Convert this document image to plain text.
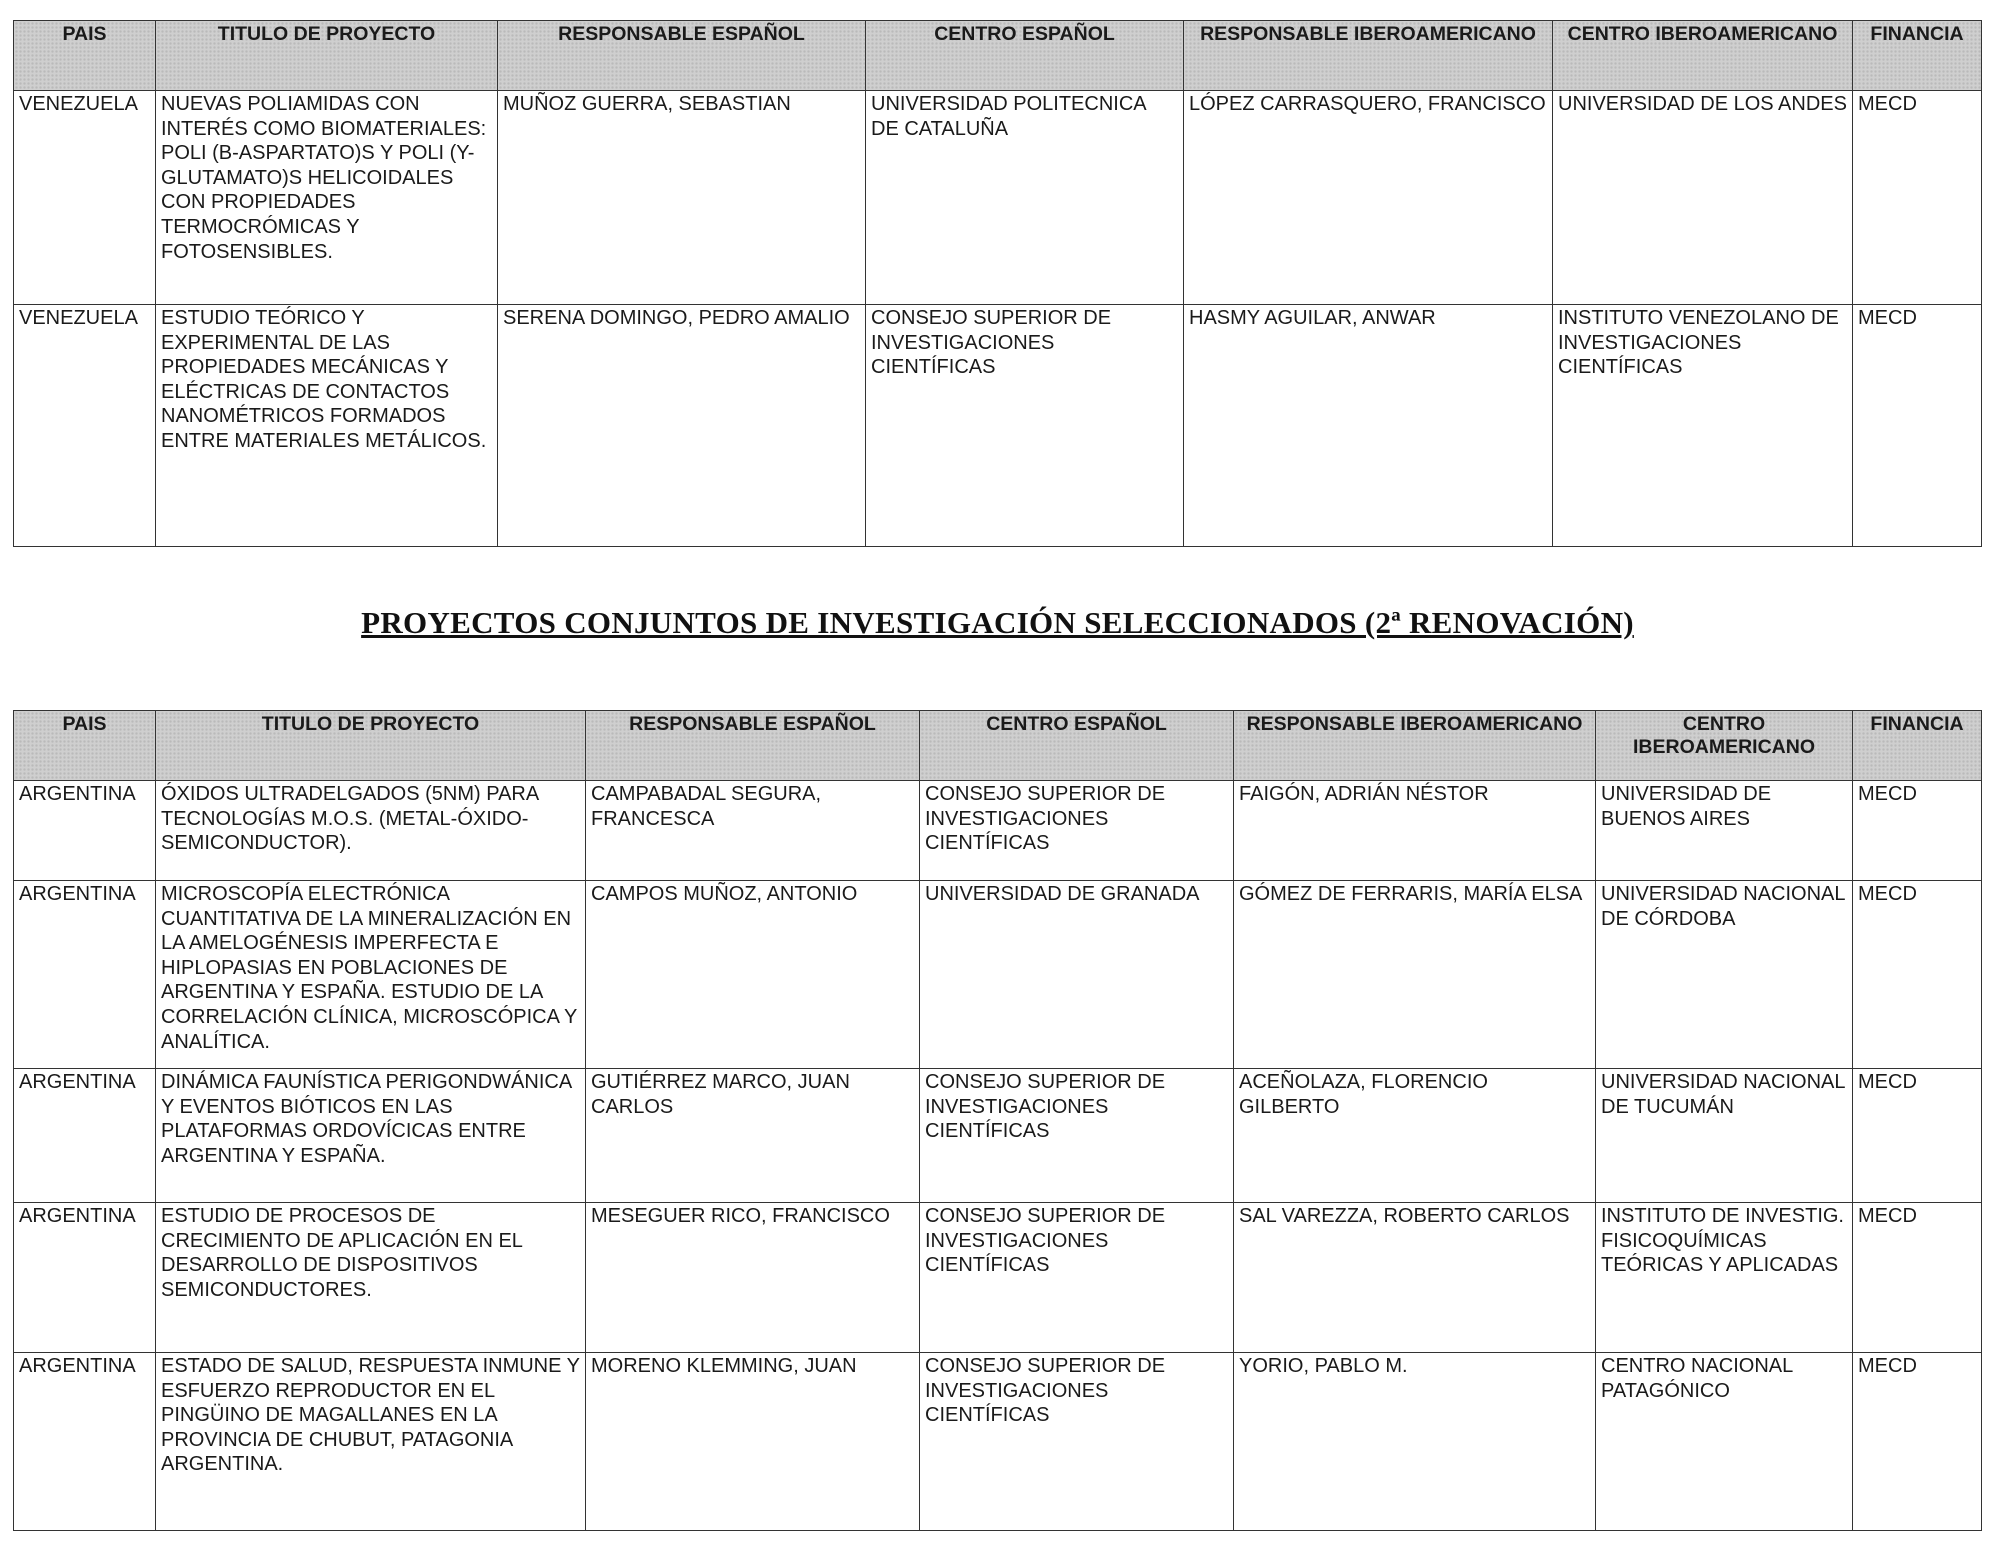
PAIS	TITULO DE PROYECTO	RESPONSABLE ESPAÑOL	CENTRO ESPAÑOL	RESPONSABLE IBEROAMERICANO	CENTRO IBEROAMERICANO	FINANCIA
VENEZUELA	NUEVAS POLIAMIDAS CON INTERÉS COMO BIOMATERIALES: POLI (B-ASPARTATO)S Y POLI (Y-GLUTAMATO)S HELICOIDALES CON PROPIEDADES TERMOCRÓMICAS Y FOTOSENSIBLES.	MUÑOZ GUERRA, SEBASTIAN	UNIVERSIDAD POLITECNICA DE CATALUÑA	LÓPEZ CARRASQUERO, FRANCISCO	UNIVERSIDAD DE LOS ANDES	MECD
VENEZUELA	ESTUDIO TEÓRICO Y EXPERIMENTAL DE LAS PROPIEDADES MECÁNICAS Y ELÉCTRICAS DE CONTACTOS NANOMÉTRICOS FORMADOS ENTRE MATERIALES METÁLICOS.	SERENA DOMINGO, PEDRO AMALIO	CONSEJO SUPERIOR DE INVESTIGACIONES CIENTÍFICAS	HASMY AGUILAR, ANWAR	INSTITUTO VENEZOLANO DE INVESTIGACIONES CIENTÍFICAS	MECD
PROYECTOS CONJUNTOS DE INVESTIGACIÓN SELECCIONADOS (2ª RENOVACIÓN)
PAIS	TITULO DE PROYECTO	RESPONSABLE ESPAÑOL	CENTRO ESPAÑOL	RESPONSABLE IBEROAMERICANO	CENTRO IBEROAMERICANO	FINANCIA
ARGENTINA	ÓXIDOS ULTRADELGADOS (5NM) PARA TECNOLOGÍAS M.O.S. (METAL-ÓXIDO-SEMICONDUCTOR).	CAMPABADAL SEGURA, FRANCESCA	CONSEJO SUPERIOR DE INVESTIGACIONES CIENTÍFICAS	FAIGÓN, ADRIÁN NÉSTOR	UNIVERSIDAD DE BUENOS AIRES	MECD
ARGENTINA	MICROSCOPÍA ELECTRÓNICA CUANTITATIVA DE LA MINERALIZACIÓN EN LA AMELOGÉNESIS IMPERFECTA E HIPLOPASIAS EN POBLACIONES DE ARGENTINA Y ESPAÑA. ESTUDIO DE LA CORRELACIÓN CLÍNICA, MICROSCÓPICA Y ANALÍTICA.	CAMPOS MUÑOZ, ANTONIO	UNIVERSIDAD DE GRANADA	GÓMEZ DE FERRARIS, MARÍA ELSA	UNIVERSIDAD NACIONAL DE CÓRDOBA	MECD
ARGENTINA	DINÁMICA FAUNÍSTICA PERIGONDWÁNICA Y EVENTOS BIÓTICOS EN LAS PLATAFORMAS ORDOVÍCICAS ENTRE ARGENTINA Y ESPAÑA.	GUTIÉRREZ MARCO, JUAN CARLOS	CONSEJO SUPERIOR DE INVESTIGACIONES CIENTÍFICAS	ACEÑOLAZA, FLORENCIO GILBERTO	UNIVERSIDAD NACIONAL DE TUCUMÁN	MECD
ARGENTINA	ESTUDIO DE PROCESOS DE CRECIMIENTO DE APLICACIÓN EN EL DESARROLLO DE DISPOSITIVOS SEMICONDUCTORES.	MESEGUER RICO, FRANCISCO	CONSEJO SUPERIOR DE INVESTIGACIONES CIENTÍFICAS	SAL VAREZZA, ROBERTO CARLOS	INSTITUTO DE INVESTIG. FISICOQUÍMICAS TEÓRICAS Y APLICADAS	MECD
ARGENTINA	ESTADO DE SALUD, RESPUESTA INMUNE Y ESFUERZO REPRODUCTOR EN EL PINGÜINO DE MAGALLANES EN LA PROVINCIA DE CHUBUT, PATAGONIA ARGENTINA.	MORENO KLEMMING, JUAN	CONSEJO SUPERIOR DE INVESTIGACIONES CIENTÍFICAS	YORIO, PABLO M.	CENTRO NACIONAL PATAGÓNICO	MECD
